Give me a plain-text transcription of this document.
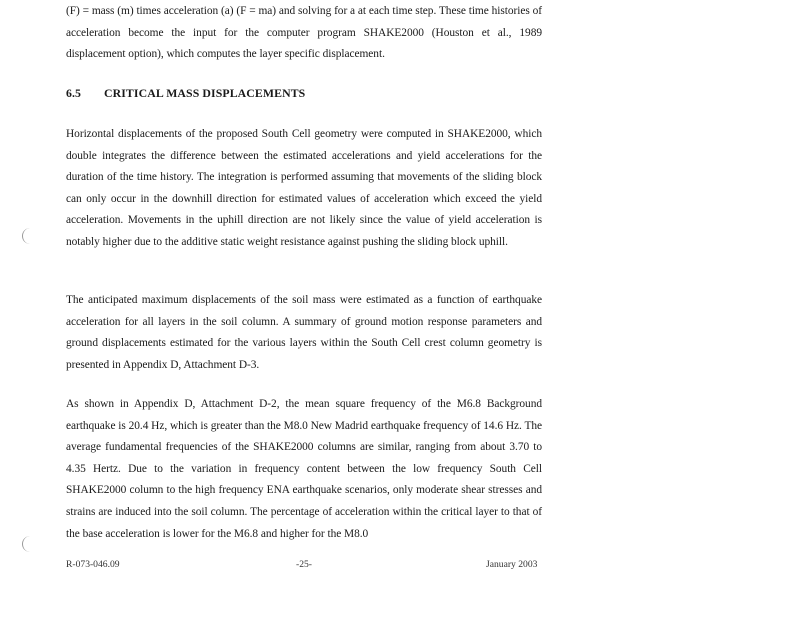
(F) = mass (m) times acceleration (a) (F = ma) and solving for a at each time step. These time histories of acceleration become the input for the computer program SHAKE2000 (Houston et al., 1989 displacement option), which computes the layer specific displacement.
6.5 CRITICAL MASS DISPLACEMENTS
Horizontal displacements of the proposed South Cell geometry were computed in SHAKE2000, which double integrates the difference between the estimated accelerations and yield accelerations for the duration of the time history. The integration is performed assuming that movements of the sliding block can only occur in the downhill direction for estimated values of acceleration which exceed the yield acceleration. Movements in the uphill direction are not likely since the value of yield acceleration is notably higher due to the additive static weight resistance against pushing the sliding block uphill.
The anticipated maximum displacements of the soil mass were estimated as a function of earthquake acceleration for all layers in the soil column. A summary of ground motion response parameters and ground displacements estimated for the various layers within the South Cell crest column geometry is presented in Appendix D, Attachment D-3.
As shown in Appendix D, Attachment D-2, the mean square frequency of the M6.8 Background earthquake is 20.4 Hz, which is greater than the M8.0 New Madrid earthquake frequency of 14.6 Hz. The average fundamental frequencies of the SHAKE2000 columns are similar, ranging from about 3.70 to 4.35 Hertz. Due to the variation in frequency content between the low frequency South Cell SHAKE2000 column to the high frequency ENA earthquake scenarios, only moderate shear stresses and strains are induced into the soil column. The percentage of acceleration within the critical layer to that of the base acceleration is lower for the M6.8 and higher for the M8.0
R-073-046.09	-25-	January 2003
